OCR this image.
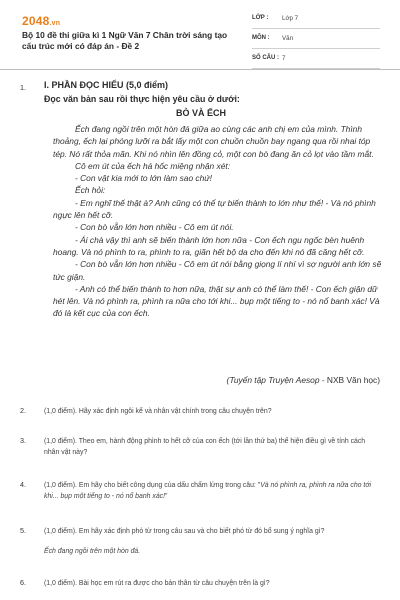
2048.vn
Bộ 10 đề thi giữa kì 1 Ngữ Văn 7 Chân trời sáng tạo cấu trúc mới có đáp án - Đề 2
LỚP : Lớp 7
MÔN : Văn
SỐ CÂU : 7
1. I. PHẦN ĐỌC HIỂU (5,0 điểm)
Đọc văn bản sau rồi thực hiện yêu cầu ở dưới:
BÒ VÀ ẾCH

Ếch đang ngồi trên một hòn đá giữa ao cùng các anh chị em của mình. Thình thoảng, ếch lại phóng lưỡi ra bắt lấy một con chuồn chuồn bay ngang qua rồi nhai tóp tép. Nó rất thỏa mãn. Khi nó nhìn lên đồng cỏ, một con bò đang ăn cỏ lọt vào tầm mắt.

Cô em út của ếch há hốc miệng nhận xét:

- Con vật kia mới to lớn làm sao chứ!

Ếch hỏi:

- Em nghĩ thế thật à? Anh cũng có thể tự biến thành to lớn như thế! - Và nó phình ngực lên hết cỡ.

- Con bò vẫn lớn hơn nhiều - Cô em út nói.

- Ái chà vậy thì anh sẽ biến thành lớn hơn nữa - Con ếch ngu ngốc bèn huênh hoang. Và nó phình to ra, phình to ra, giãn hết bộ da cho đến khi nó đã căng hết cỡ.

- Con bò vẫn lớn hơn nhiều - Cô em út nói bằng giọng lí nhí vì sợ người anh lớn sẽ tức giận.

- Anh có thể biến thành to hơn nữa, thật sự anh có thể làm thế! - Con ếch giận dữ hét lên. Và nó phình ra, phình ra nữa cho tới khi... bụp một tiếng to - nó nổ banh xác! Và đó là kết cục của con ếch.

(Tuyển tập Truyện Aesop - NXB Văn học)
2.	(1,0 điểm). Hãy xác định ngôi kể và nhân vật chính trong câu chuyện trên?
3.	(1,0 điểm). Theo em, hành động phình to hết cỡ của con ếch (tới lần thứ ba) thể hiện điều gì về tính cách nhân vật này?
4.	(1,0 điểm). Em hãy cho biết công dụng của dấu chấm lửng trong câu: "Và nó phình ra, phình ra nữa cho tới khi... bụp một tiếng to - nó nổ banh xác!"
5.	(1,0 điểm). Em hãy xác định phó từ trong câu sau và cho biết phó từ đó bổ sung ý nghĩa gì?
Ếch đang ngồi trên một hòn đá.
6.	(1,0 điểm). Bài học em rút ra được cho bản thân từ câu chuyện trên là gì?
